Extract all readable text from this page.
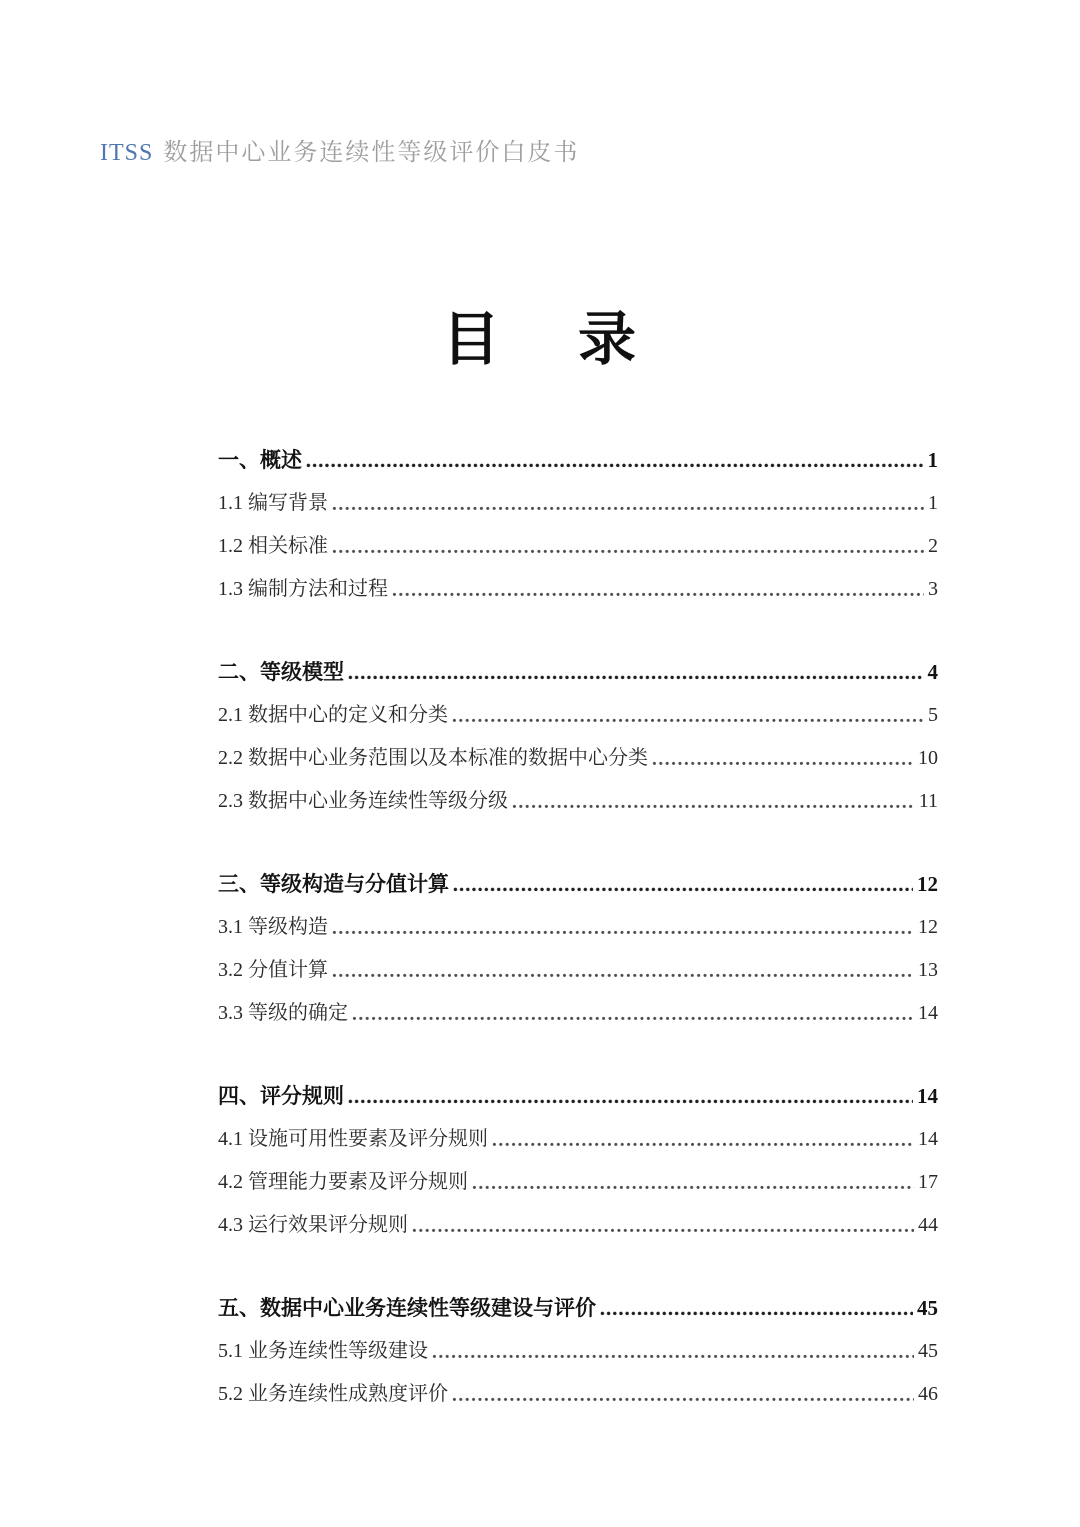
ITSS 数据中心业务连续性等级评价白皮书
目 录
一、概述	1
1.1 编写背景	1
1.2 相关标准	2
1.3 编制方法和过程	3
二、等级模型	4
2.1 数据中心的定义和分类	5
2.2 数据中心业务范围以及本标准的数据中心分类	10
2.3 数据中心业务连续性等级分级	11
三、等级构造与分值计算	12
3.1 等级构造	12
3.2 分值计算	13
3.3 等级的确定	14
四、评分规则	14
4.1 设施可用性要素及评分规则	14
4.2 管理能力要素及评分规则	17
4.3 运行效果评分规则	44
五、数据中心业务连续性等级建设与评价	45
5.1 业务连续性等级建设	45
5.2 业务连续性成熟度评价	46
